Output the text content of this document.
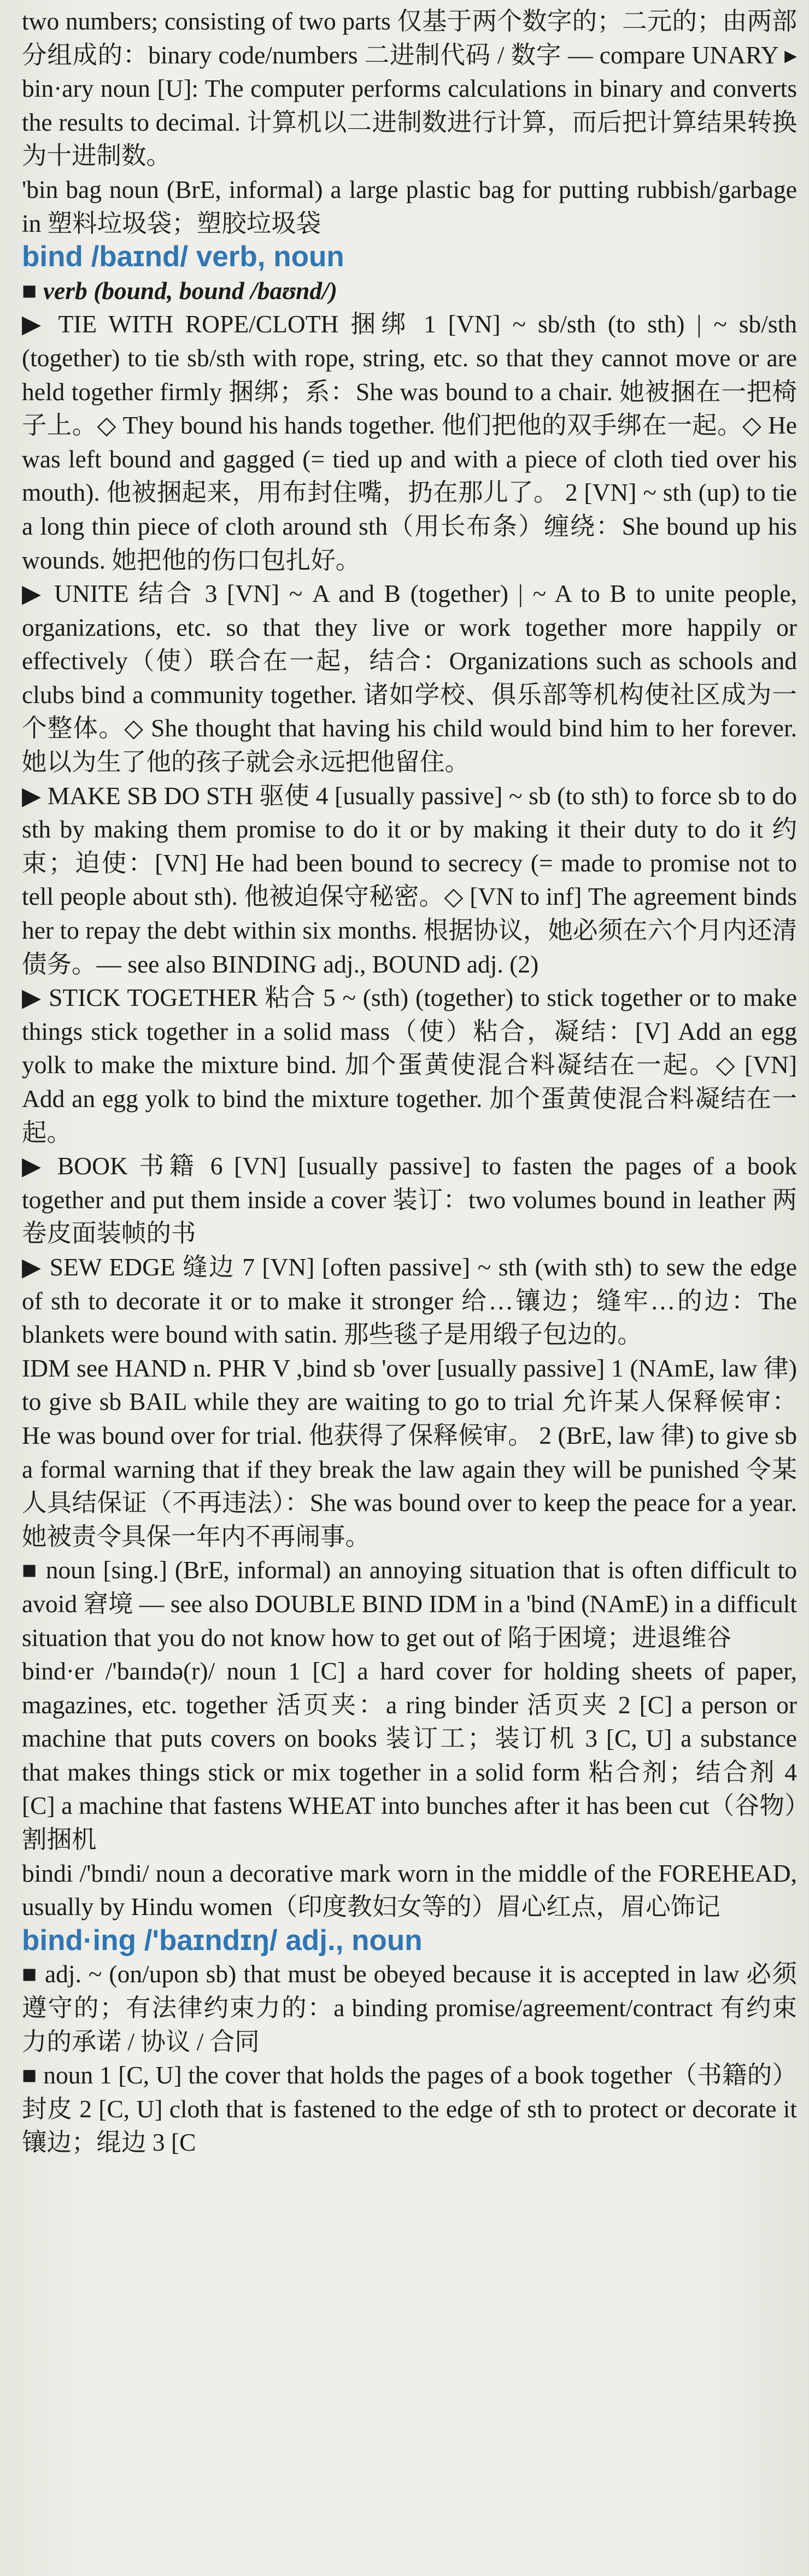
two numbers; consisting of two parts 仅基于两个数字的；二元的；由两部分组成的：binary code/numbers 二进制代码 / 数字 — compare UNARY ▸ bin·ary noun [U]: The computer performs calculations in binary and converts the results to decimal. 计算机以二进制数进行计算，而后把计算结果转换为十进制数。

'bin bag noun (BrE, informal) a large plastic bag for putting rubbish/garbage in 塑料垃圾袋；塑胶垃圾袋

bind /baɪnd/ verb, noun

■ verb (bound, bound /baʊnd/)

▶ TIE WITH ROPE/CLOTH 捆绑 1 [VN] ~ sb/sth (to sth) | ~ sb/sth (together) to tie sb/sth with rope, string, etc. so that they cannot move or are held together firmly 捆绑；系：She was bound to a chair. 她被捆在一把椅子上。◇ They bound his hands together. 他们把他的双手绑在一起。◇ He was left bound and gagged (= tied up and with a piece of cloth tied over his mouth). 他被捆起来，用布封住嘴，扔在那儿了。 2 [VN] ~ sth (up) to tie a long thin piece of cloth around sth（用长布条）缠绕：She bound up his wounds. 她把他的伤口包扎好。

▶ UNITE 结合 3 [VN] ~ A and B (together) | ~ A to B to unite people, organizations, etc. so that they live or work together more happily or effectively（使）联合在一起，结合：Organizations such as schools and clubs bind a community together. 诸如学校、俱乐部等机构使社区成为一个整体。◇ She thought that having his child would bind him to her forever. 她以为生了他的孩子就会永远把他留住。

▶ MAKE SB DO STH 驱使 4 [usually passive] ~ sb (to sth) to force sb to do sth by making them promise to do it or by making it their duty to do it 约束；迫使：[VN] He had been bound to secrecy (= made to promise not to tell people about sth). 他被迫保守秘密。◇ [VN to inf] The agreement binds her to repay the debt within six months. 根据协议，她必须在六个月内还清债务。— see also BINDING adj., BOUND adj. (2)

▶ STICK TOGETHER 粘合 5 ~ (sth) (together) to stick together or to make things stick together in a solid mass（使）粘合，凝结：[V] Add an egg yolk to make the mixture bind. 加个蛋黄使混合料凝结在一起。◇ [VN] Add an egg yolk to bind the mixture together. 加个蛋黄使混合料凝结在一起。

▶ BOOK 书籍 6 [VN] [usually passive] to fasten the pages of a book together and put them inside a cover 装订：two volumes bound in leather 两卷皮面装帧的书

▶ SEW EDGE 缝边 7 [VN] [often passive] ~ sth (with sth) to sew the edge of sth to decorate it or to make it stronger 给…镶边；缝牢…的边：The blankets were bound with satin. 那些毯子是用缎子包边的。

IDM see HAND n. PHR V ,bind sb 'over [usually passive] 1 (NAmE, law 律) to give sb BAIL while they are waiting to go to trial 允许某人保释候审：He was bound over for trial. 他获得了保释候审。 2 (BrE, law 律) to give sb a formal warning that if they break the law again they will be punished 令某人具结保证（不再违法）：She was bound over to keep the peace for a year. 她被责令具保一年内不再闹事。

■ noun [sing.] (BrE, informal) an annoying situation that is often difficult to avoid 窘境 — see also DOUBLE BIND IDM in a 'bind (NAmE) in a difficult situation that you do not know how to get out of 陷于困境；进退维谷

bind·er /'baɪndə(r)/ noun 1 [C] a hard cover for holding sheets of paper, magazines, etc. together 活页夹：a ring binder 活页夹 2 [C] a person or machine that puts covers on books 装订工；装订机 3 [C, U] a substance that makes things stick or mix together in a solid form 粘合剂；结合剂 4 [C] a machine that fastens WHEAT into bunches after it has been cut（谷物）割捆机

bindi /'bɪndi/ noun a decorative mark worn in the middle of the FOREHEAD, usually by Hindu women（印度教妇女等的）眉心红点，眉心饰记

bind·ing /'baɪndɪŋ/ adj., noun

■ adj. ~ (on/upon sb) that must be obeyed because it is accepted in law 必须遵守的；有法律约束力的：a binding promise/agreement/contract 有约束力的承诺 / 协议 / 合同

■ noun 1 [C, U] the cover that holds the pages of a book together（书籍的）封皮 2 [C, U] cloth that is fastened to the edge of sth to protect or decorate it 镶边；绲边 3 [C
